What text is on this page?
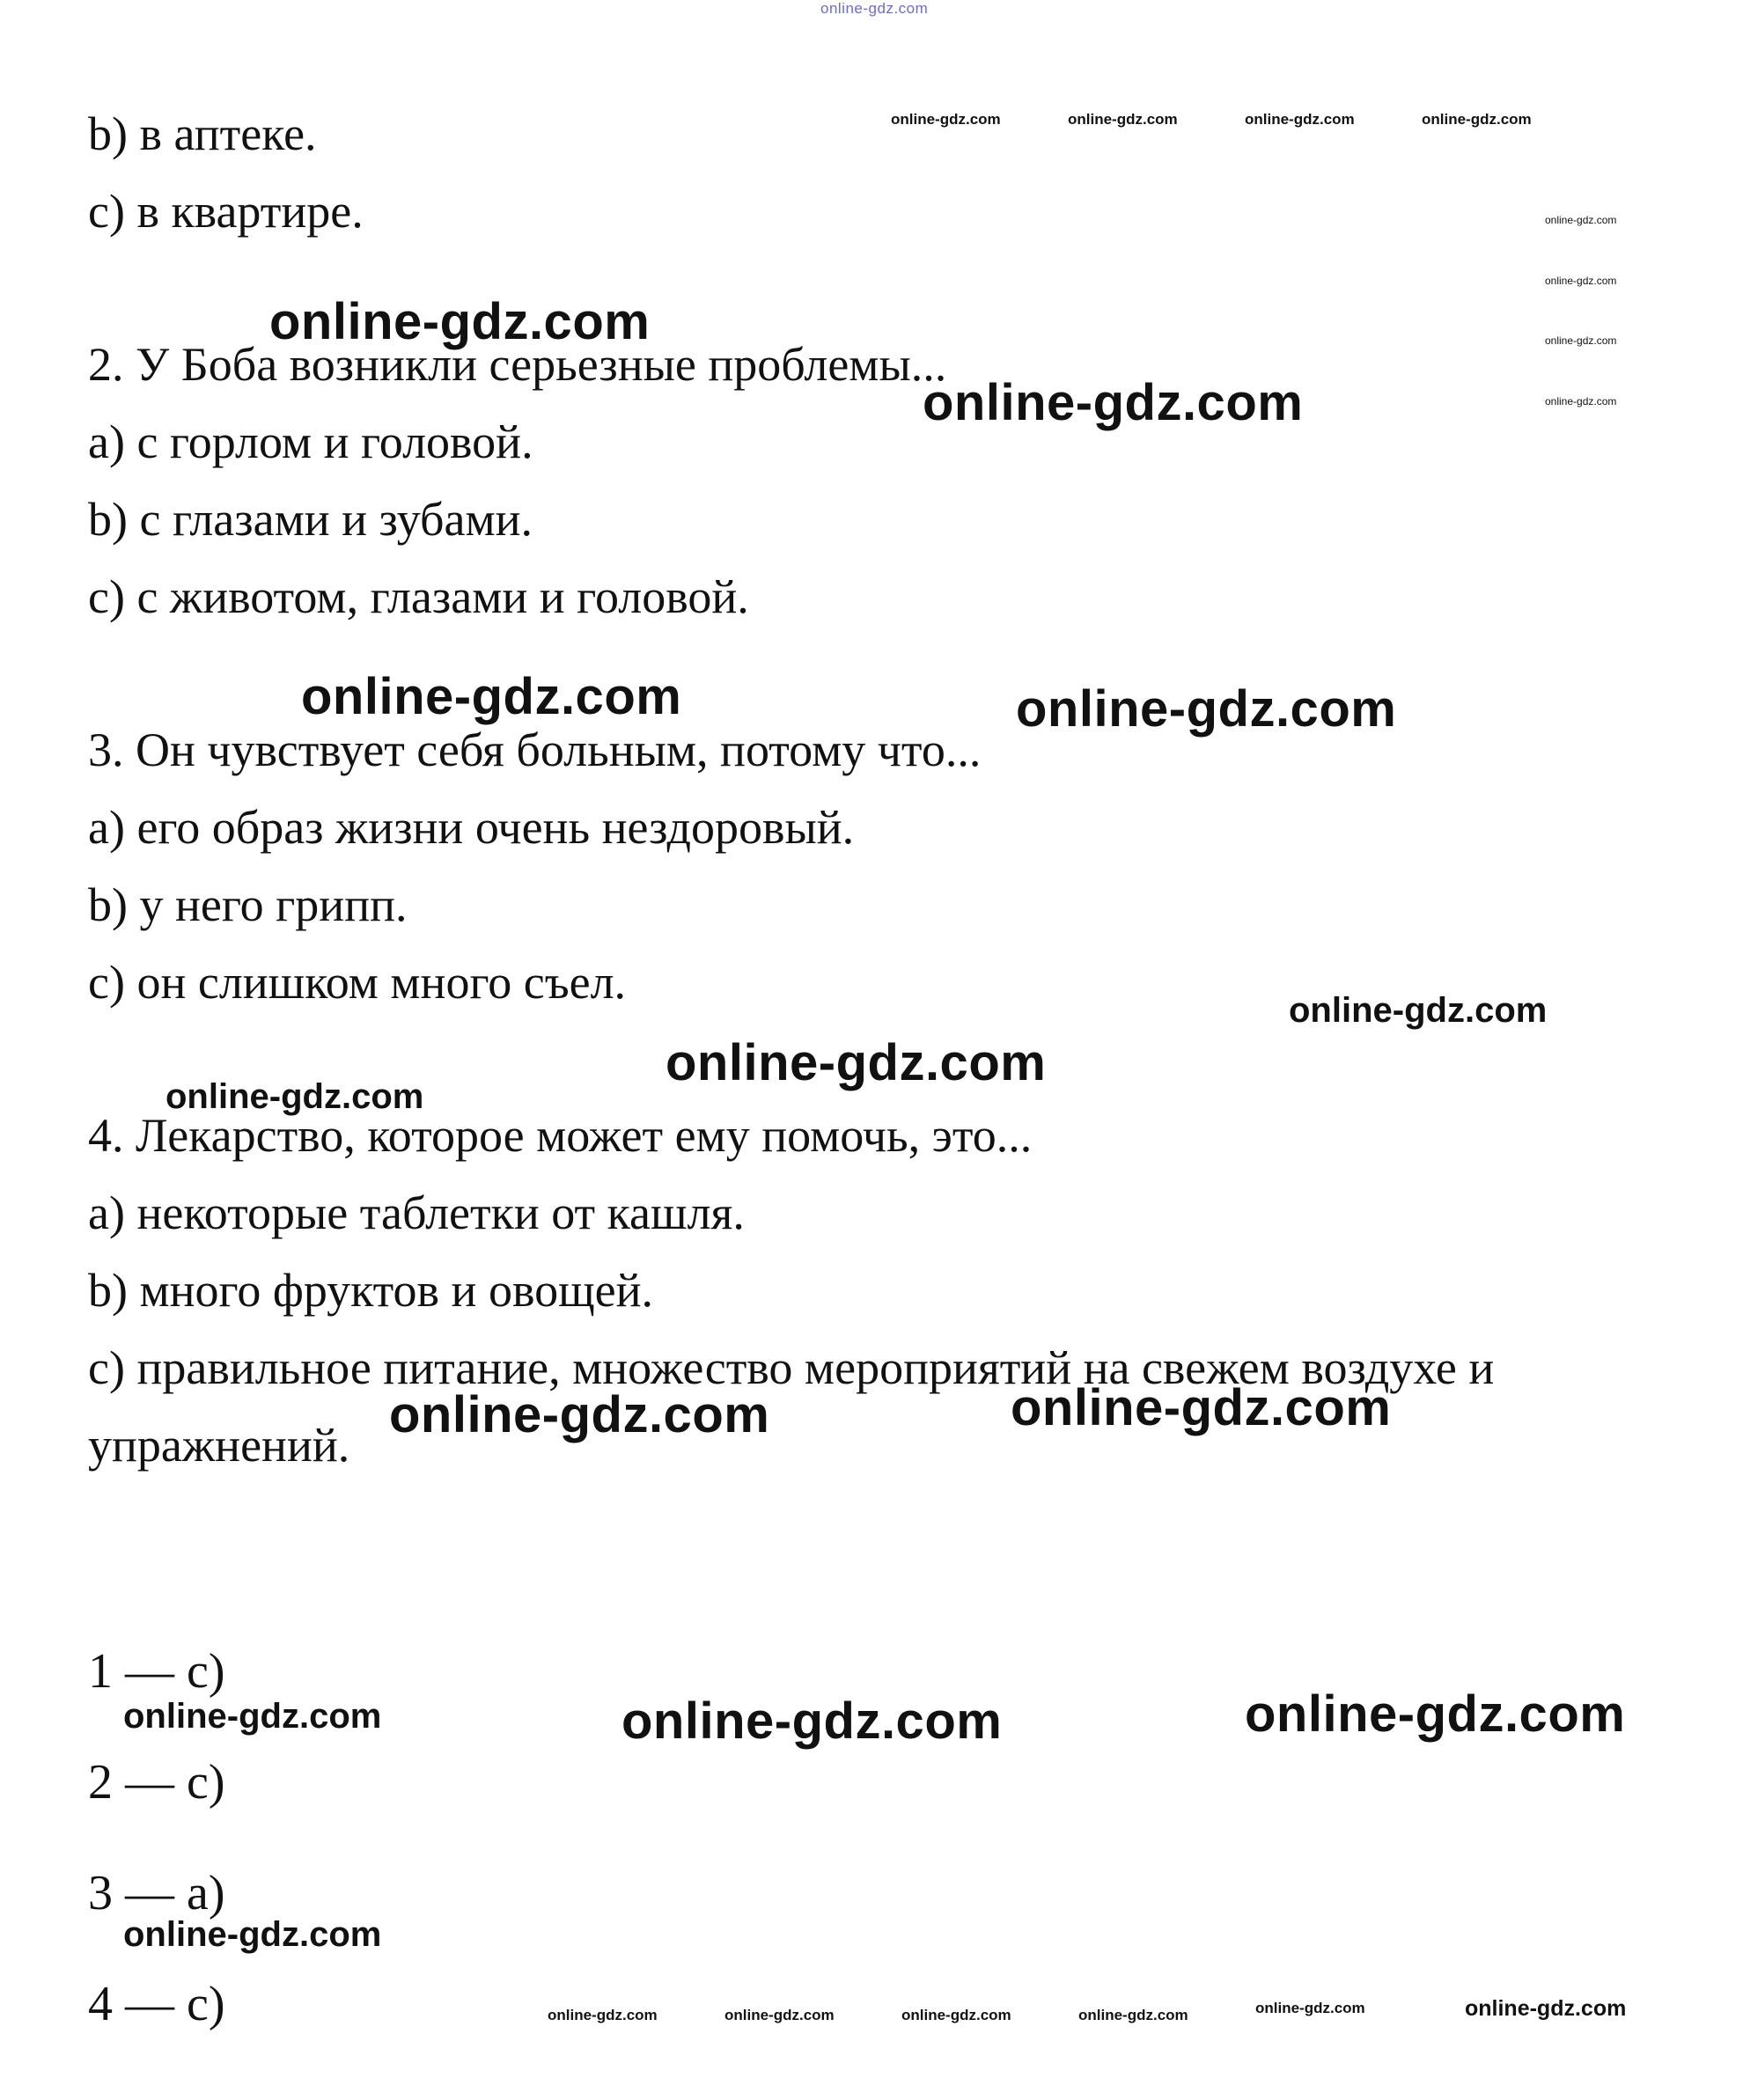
online-gdz.com
b) в аптеке.
c) в квартире.
2. У Боба возникли серьезные проблемы...
a) с горлом и головой.
b) с глазами и зубами.
c) с животом, глазами и головой.
3. Он чувствует себя больным, потому что...
a) его образ жизни очень нездоровый.
b) у него грипп.
c) он слишком много съел.
4. Лекарство, которое может ему помочь, это...
a) некоторые таблетки от кашля.
b) много фруктов и овощей.
c) правильное питание, множество мероприятий на свежем воздухе и
упражнений.
1 — c)
2 — c)
3 — a)
4 — c)
online-gdz.com	online-gdz.com	online-gdz.com	online-gdz.com
online-gdz.com
online-gdz.com
online-gdz.com
online-gdz.com
online-gdz.com
online-gdz.com
online-gdz.com	online-gdz.com
online-gdz.com
online-gdz.com
online-gdz.com
online-gdz.com	online-gdz.com
online-gdz.com	online-gdz.com	online-gdz.com
online-gdz.com
online-gdz.com	online-gdz.com	online-gdz.com	online-gdz.com	online-gdz.com	online-gdz.com
